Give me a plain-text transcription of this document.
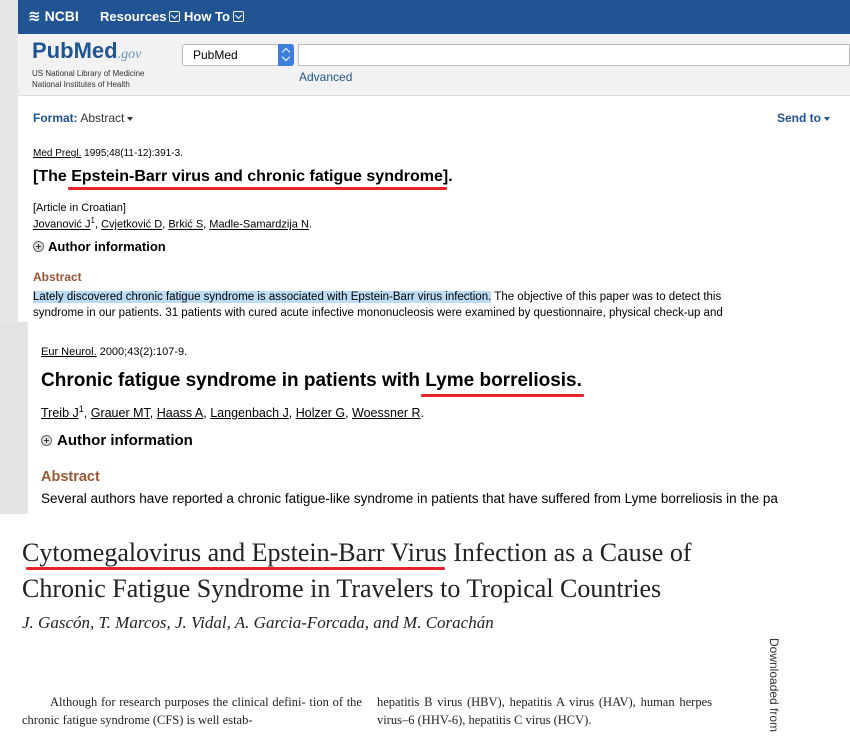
≋ NCBI Resources How To
PubMed.gov
US National Library of Medicine
National Institutes of Health
PubMed
Advanced
Format: Abstract	Send to
Med Pregl. 1995;48(11-12):391-3.
[The Epstein-Barr virus and chronic fatigue syndrome
].
[Article in Croatian]
Jovanović $J^1$, Cvjetković D, Brkić S, Madle-Samardzija N.
Author information
Abstract
Lately discovered chronic fatigue syndrome is associated with Epstein-Barr virus infection. The objective of this paper was to detect this
syndrome in our patients. 31 patients with cured acute infective mononucleosis were examined by questionnaire, physical check-up and
Eur Neurol. 2000;43(2):107-9.
Chronic fatigue syndrome in patients with Lyme borreliosis.
Treib $J^1$, Grauer MT, Haass A, Langenbach J, Holzer G, Woessner R.
Author information
Abstract
Several authors have reported a chronic fatigue-like syndrome in patients that have suffered from Lyme borreliosis in the pa
Cytomegalovirus and Epstein-Barr Virus
Infection as a Cause of
Chronic Fatigue Syndrome in Travelers to Tropical Countries
J. Gascón, T. Marcos, J. Vidal, A. Garcia-Forcada, and M. Corachán
Although for research purposes the clinical defini- tion of the chronic fatigue syndrome (CFS) is well estab-
hepatitis B virus (HBV), hepatitis A virus (HAV), human herpes virus–6 (HHV-6), hepatitis C virus (HCV).	Downloaded from
